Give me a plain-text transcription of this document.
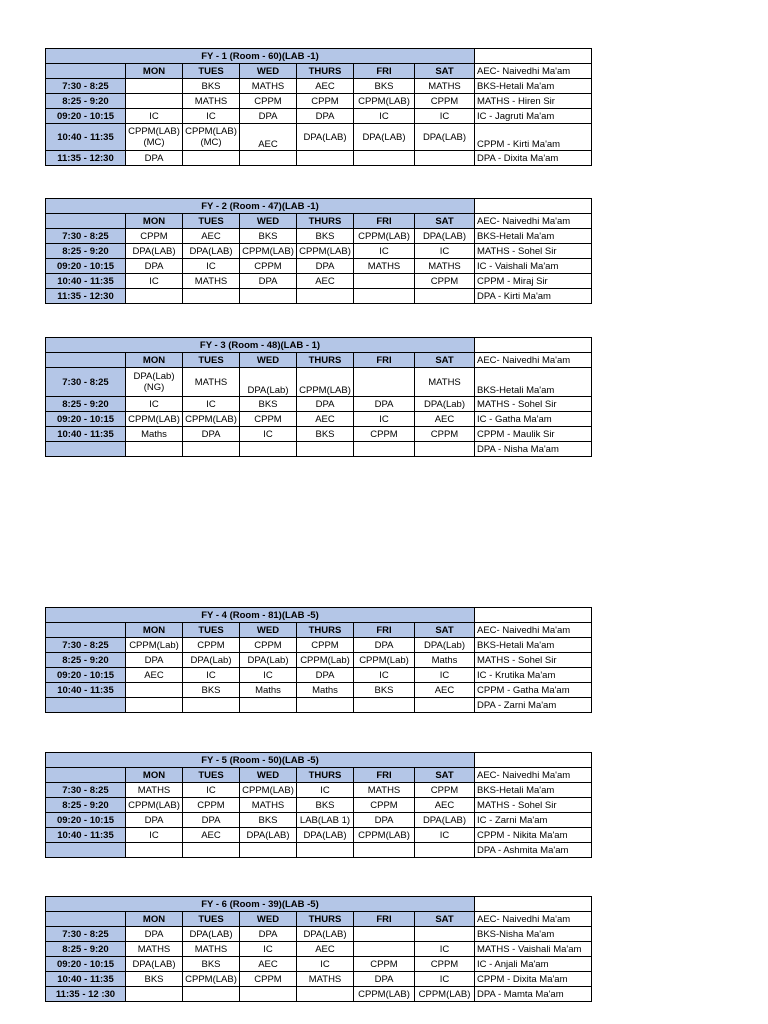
FY - 1 (Room - 60)(LAB -1)							
	MON	TUES	WED	THURS	FRI	SAT	AEC- Naivedhi Ma'am
7:30 - 8:25		BKS	MATHS	AEC	BKS	MATHS	BKS-Hetali Ma'am
8:25 - 9:20		MATHS	CPPM	CPPM	CPPM(LAB)	CPPM	MATHS - Hiren Sir
09:20 - 10:15	IC	IC	DPA	DPA	IC	IC	IC - Jagruti Ma'am
10:40 - 11:35	CPPM(LAB) (MC)	CPPM(LAB) (MC)	AEC	DPA(LAB)	DPA(LAB)	DPA(LAB)	CPPM - Kirti Ma'am
11:35 - 12:30	DPA						DPA - Dixita Ma'am
FY - 2 (Room - 47)(LAB -1)							
	MON	TUES	WED	THURS	FRI	SAT	AEC- Naivedhi Ma'am
7:30 - 8:25	CPPM	AEC	BKS	BKS	CPPM(LAB)	DPA(LAB)	BKS-Hetali Ma'am
8:25 - 9:20	DPA(LAB)	DPA(LAB)	CPPM(LAB)	CPPM(LAB)	IC	IC	MATHS - Sohel Sir
09:20 - 10:15	DPA	IC	CPPM	DPA	MATHS	MATHS	IC - Vaishali Ma'am
10:40 - 11:35	IC	MATHS	DPA	AEC		CPPM	CPPM - Miraj Sir
11:35 - 12:30							DPA - Kirti Ma'am
FY - 3 (Room - 48)(LAB - 1)							
	MON	TUES	WED	THURS	FRI	SAT	AEC- Naivedhi Ma'am
7:30 - 8:25	DPA(Lab) (NG)	MATHS	DPA(Lab)	CPPM(LAB)		MATHS	BKS-Hetali Ma'am
8:25 - 9:20	IC	IC	BKS	DPA	DPA	DPA(Lab)	MATHS - Sohel Sir
09:20 - 10:15	CPPM(LAB)	CPPM(LAB)	CPPM	AEC	IC	AEC	IC - Gatha Ma'am
10:40 - 11:35	Maths	DPA	IC	BKS	CPPM	CPPM	CPPM - Maulik Sir
							DPA - Nisha Ma'am
FY - 4 (Room - 81)(LAB -5)							
	MON	TUES	WED	THURS	FRI	SAT	AEC- Naivedhi Ma'am
7:30 - 8:25	CPPM(Lab)	CPPM	CPPM	CPPM	DPA	DPA(Lab)	BKS-Hetali Ma'am
8:25 - 9:20	DPA	DPA(Lab)	DPA(Lab)	CPPM(Lab)	CPPM(Lab)	Maths	MATHS - Sohel Sir
09:20 - 10:15	AEC	IC	IC	DPA	IC	IC	IC - Krutika Ma'am
10:40 - 11:35		BKS	Maths	Maths	BKS	AEC	CPPM - Gatha Ma'am
							DPA - Zarni Ma'am
FY - 5 (Room - 50)(LAB -5)							
	MON	TUES	WED	THURS	FRI	SAT	AEC- Naivedhi Ma'am
7:30 - 8:25	MATHS	IC	CPPM(LAB)	IC	MATHS	CPPM	BKS-Hetali Ma'am
8:25 - 9:20	CPPM(LAB)	CPPM	MATHS	BKS	CPPM	AEC	MATHS - Sohel Sir
09:20 - 10:15	DPA	DPA	BKS	LAB(LAB 1)	DPA	DPA(LAB)	IC - Zarni Ma'am
10:40 - 11:35	IC	AEC	DPA(LAB)	DPA(LAB)	CPPM(LAB)	IC	CPPM - Nikita Ma'am
							DPA - Ashmita Ma'am
FY - 6 (Room - 39)(LAB -5)							
	MON	TUES	WED	THURS	FRI	SAT	AEC- Naivedhi Ma'am
7:30 - 8:25	DPA	DPA(LAB)	DPA	DPA(LAB)			BKS-Nisha Ma'am
8:25 - 9:20	MATHS	MATHS	IC	AEC		IC	MATHS - Vaishali Ma'am
09:20 - 10:15	DPA(LAB)	BKS	AEC	IC	CPPM	CPPM	IC - Anjali Ma'am
10:40 - 11:35	BKS	CPPM(LAB)	CPPM	MATHS	DPA	IC	CPPM - Dixita Ma'am
11:35 - 12 :30					CPPM(LAB)	CPPM(LAB)	DPA - Mamta Ma'am
